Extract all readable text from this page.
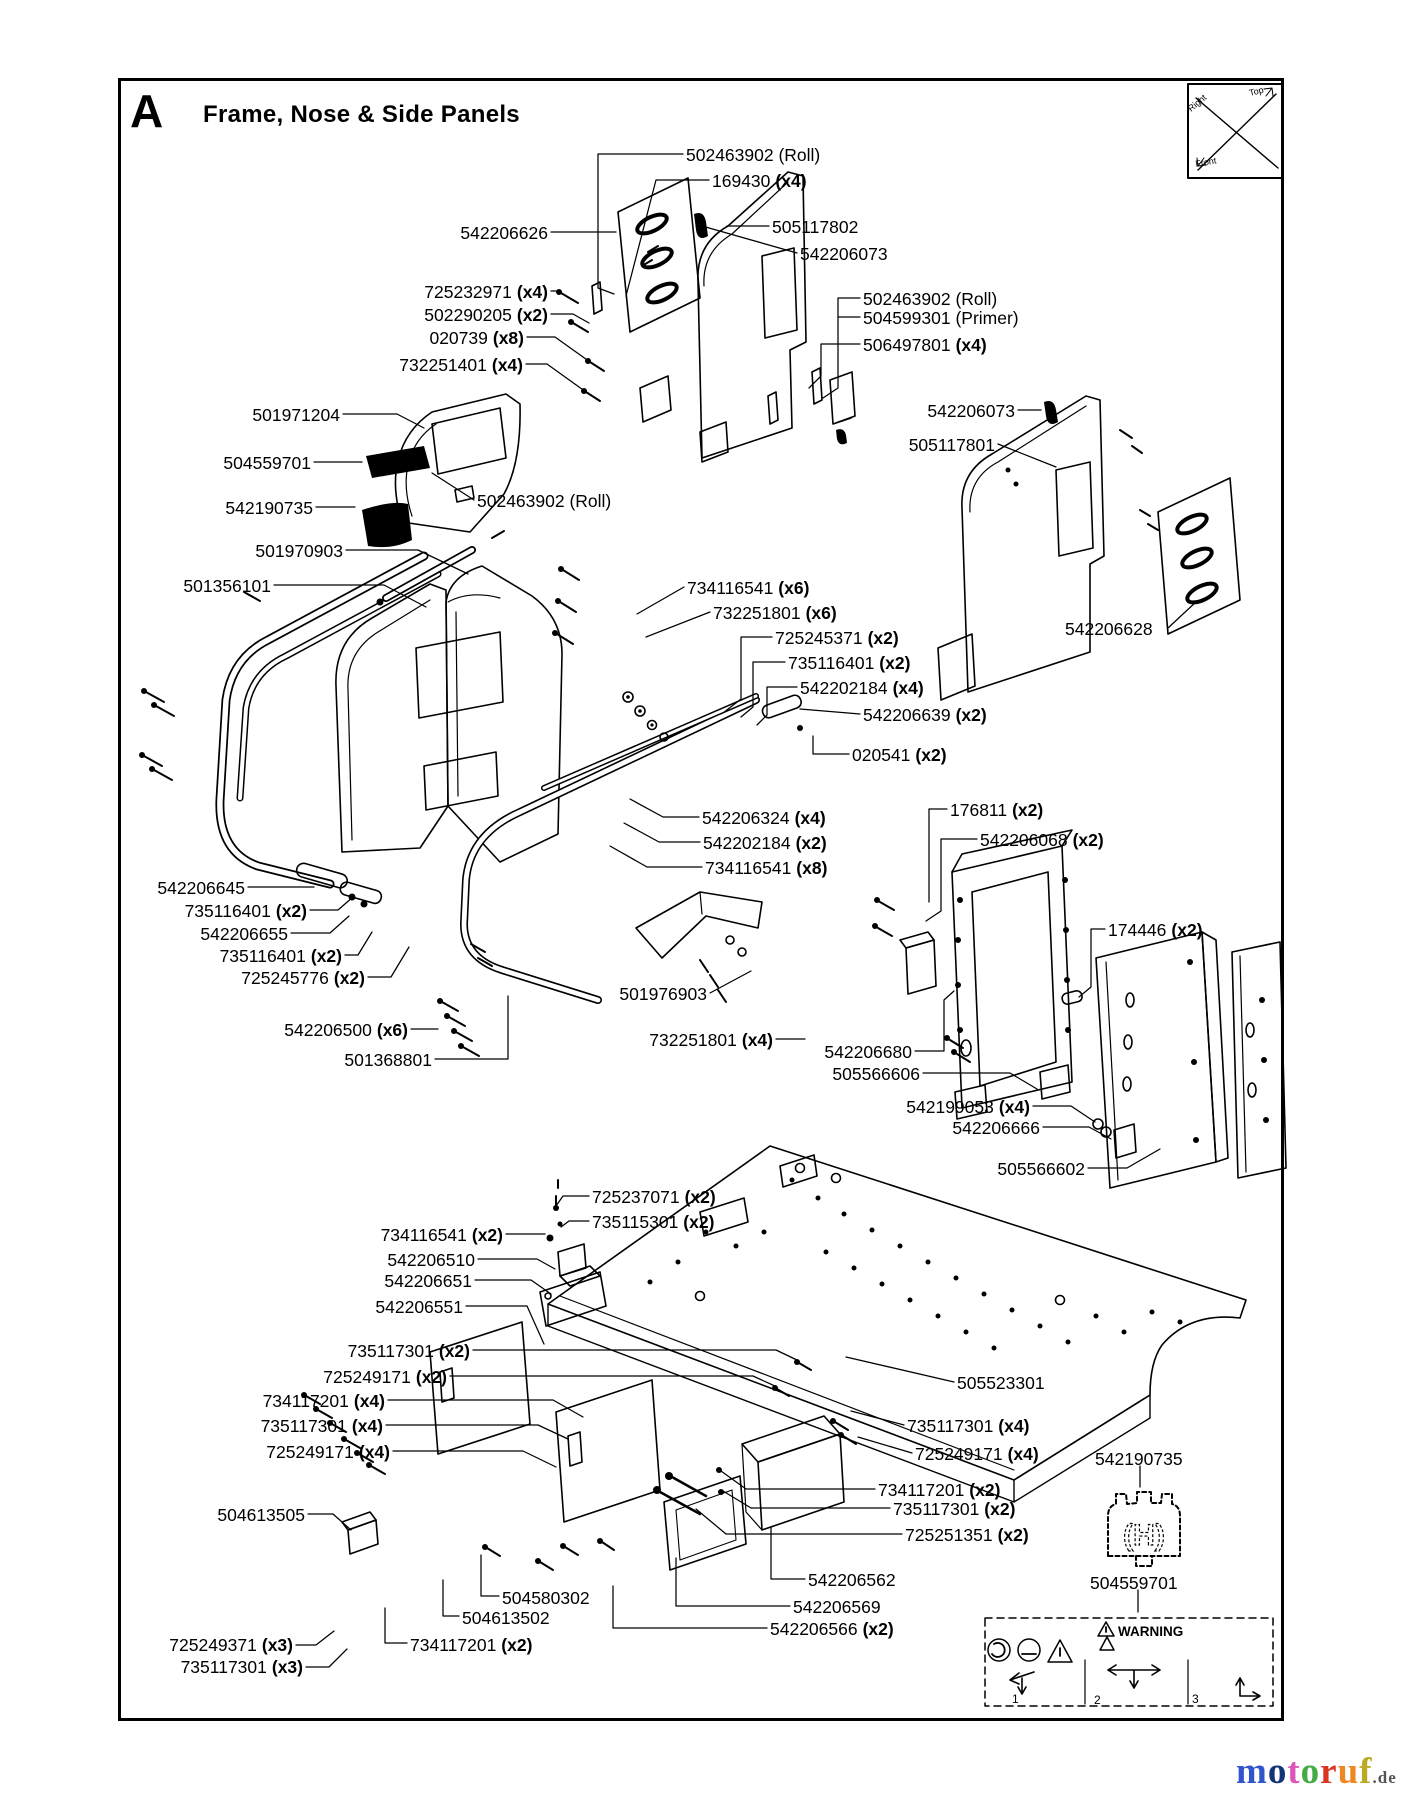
A Frame, Nose & Side Panels
Top
Right
Front
WARNING
1	2	3
(H)
502463902 (Roll)
169430 (x4)
505117802
542206073
542206626
725232971 (x4)
502290205 (x2)
020739 (x8)
732251401 (x4)
501971204
504559701
542190735	502463902 (Roll)
502463902 (Roll)
504599301 (Primer)
506497801 (x4)
542206073
505117801
542206628
501970903
501356101	734116541 (x6)
732251801 (x6)
725245371 (x2)
735116401 (x2)
542202184 (x4)
542206639 (x2)
020541 (x2)
542206324 (x4)
542202184 (x2)
734116541 (x8)
176811 (x2)
542206068 (x2)
174446 (x2)
542206645
735116401 (x2)
542206655
735116401 (x2)
725245776 (x2)
542206500 (x6)
501368801
501976903
732251801 (x4)
542206680
505566606
542199053 (x4)
542206666
505566602
725237071 (x2)
735115301 (x2)
734116541 (x2)
542206510
542206651
542206551
735117301 (x2)
725249171 (x2)
734117201 (x4)
735117301 (x4)
725249171 (x4)
505523301
735117301 (x4)
725249171 (x4)	542190735
734117201 (x2)
735117301 (x2)
725251351 (x2)
504613505
542206562
542206569
542206566 (x2)
504580302
504613502
734117201 (x2)
725249371 (x3)
735117301 (x3)
504559701
motoruf.de
